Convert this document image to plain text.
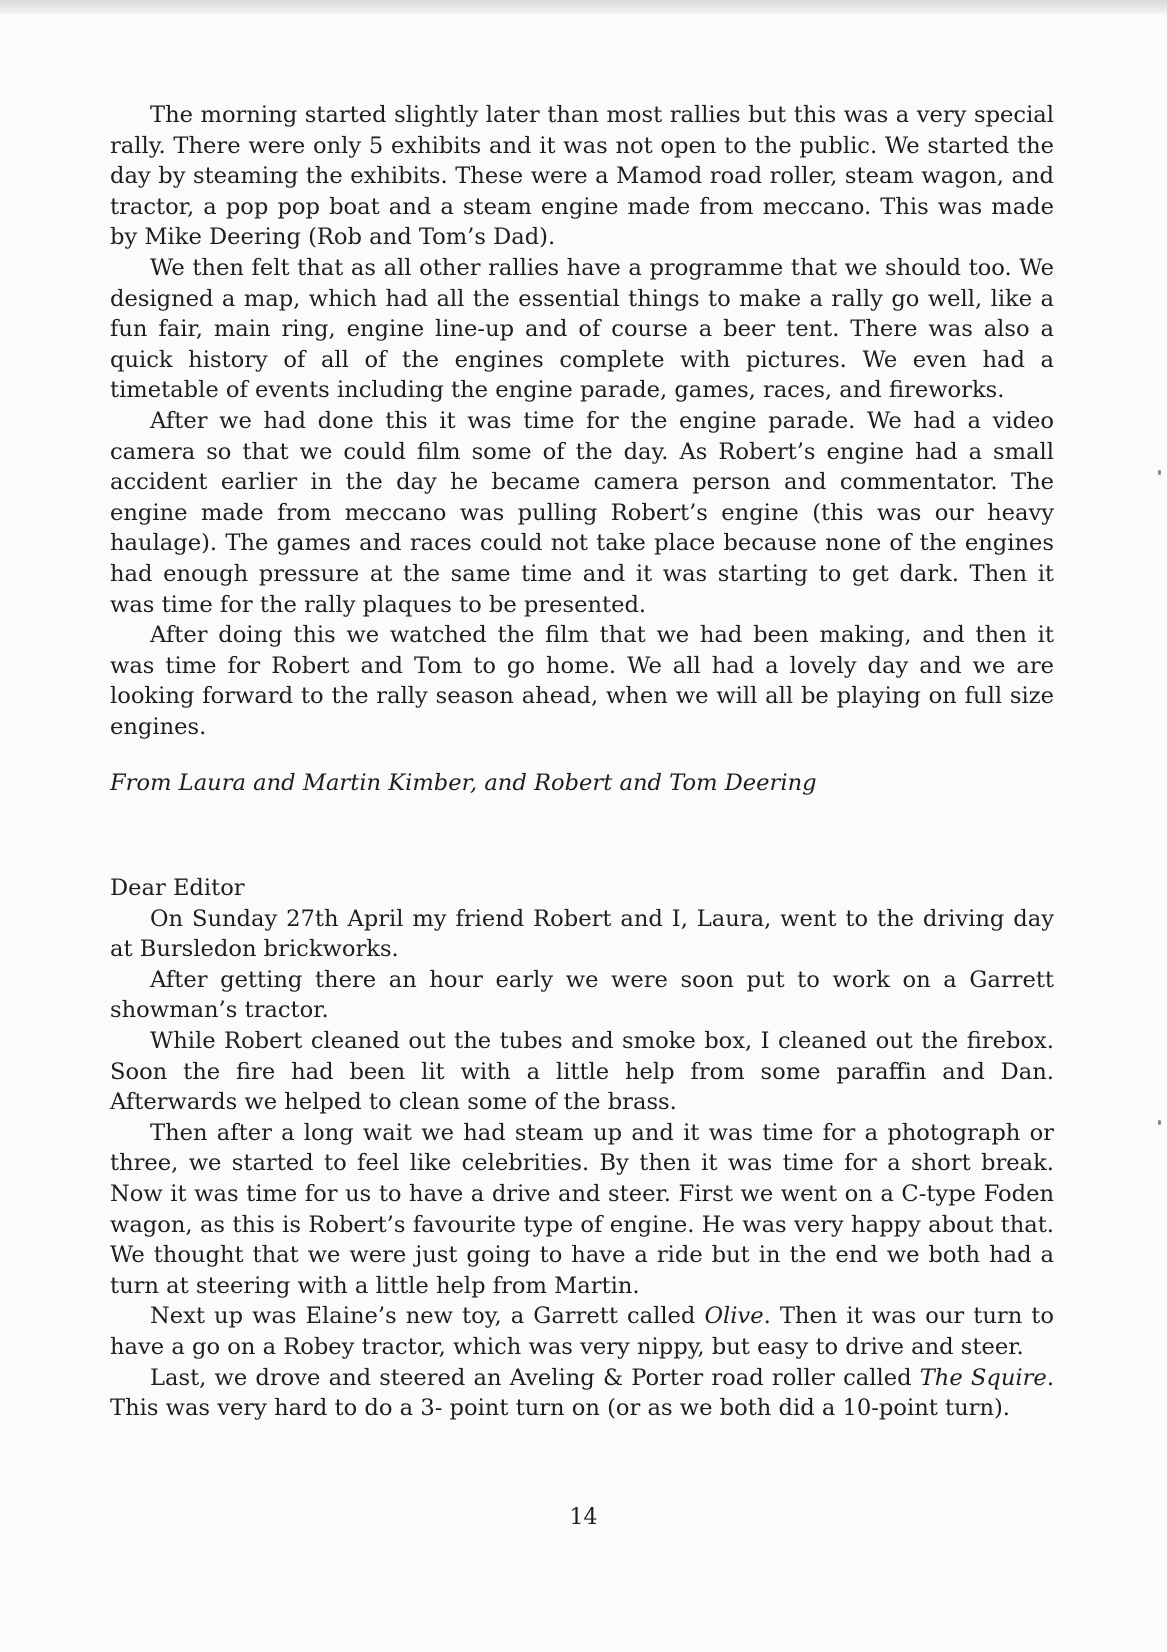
The morning started slightly later than most rallies but this was a very special rally. There were only 5 exhibits and it was not open to the public. We started the day by steaming the exhibits. These were a Mamod road roller, steam wagon, and tractor, a pop pop boat and a steam engine made from meccano. This was made by Mike Deering (Rob and Tom’s Dad).

We then felt that as all other rallies have a programme that we should too. We designed a map, which had all the essential things to make a rally go well, like a fun fair, main ring, engine line-up and of course a beer tent. There was also a quick history of all of the engines complete with pictures. We even had a timetable of events including the engine parade, games, races, and fireworks.

After we had done this it was time for the engine parade. We had a video camera so that we could film some of the day. As Robert’s engine had a small accident earlier in the day he became camera person and commentator. The engine made from meccano was pulling Robert’s engine (this was our heavy haulage). The games and races could not take place because none of the engines had enough pressure at the same time and it was starting to get dark. Then it was time for the rally plaques to be presented.

After doing this we watched the film that we had been making, and then it was time for Robert and Tom to go home. We all had a lovely day and we are looking forward to the rally season ahead, when we will all be playing on full size engines.

From Laura and Martin Kimber, and Robert and Tom Deering

Dear Editor

On Sunday 27th April my friend Robert and I, Laura, went to the driving day at Bursledon brickworks.

After getting there an hour early we were soon put to work on a Garrett showman’s tractor.

While Robert cleaned out the tubes and smoke box, I cleaned out the firebox. Soon the fire had been lit with a little help from some paraffin and Dan. Afterwards we helped to clean some of the brass.

Then after a long wait we had steam up and it was time for a photograph or three, we started to feel like celebrities. By then it was time for a short break. Now it was time for us to have a drive and steer. First we went on a C-type Foden wagon, as this is Robert’s favourite type of engine. He was very happy about that. We thought that we were just going to have a ride but in the end we both had a turn at steering with a little help from Martin.

Next up was Elaine’s new toy, a Garrett called Olive. Then it was our turn to have a go on a Robey tractor, which was very nippy, but easy to drive and steer.

Last, we drove and steered an Aveling & Porter road roller called The Squire. This was very hard to do a 3- point turn on (or as we both did a 10-point turn).

14
